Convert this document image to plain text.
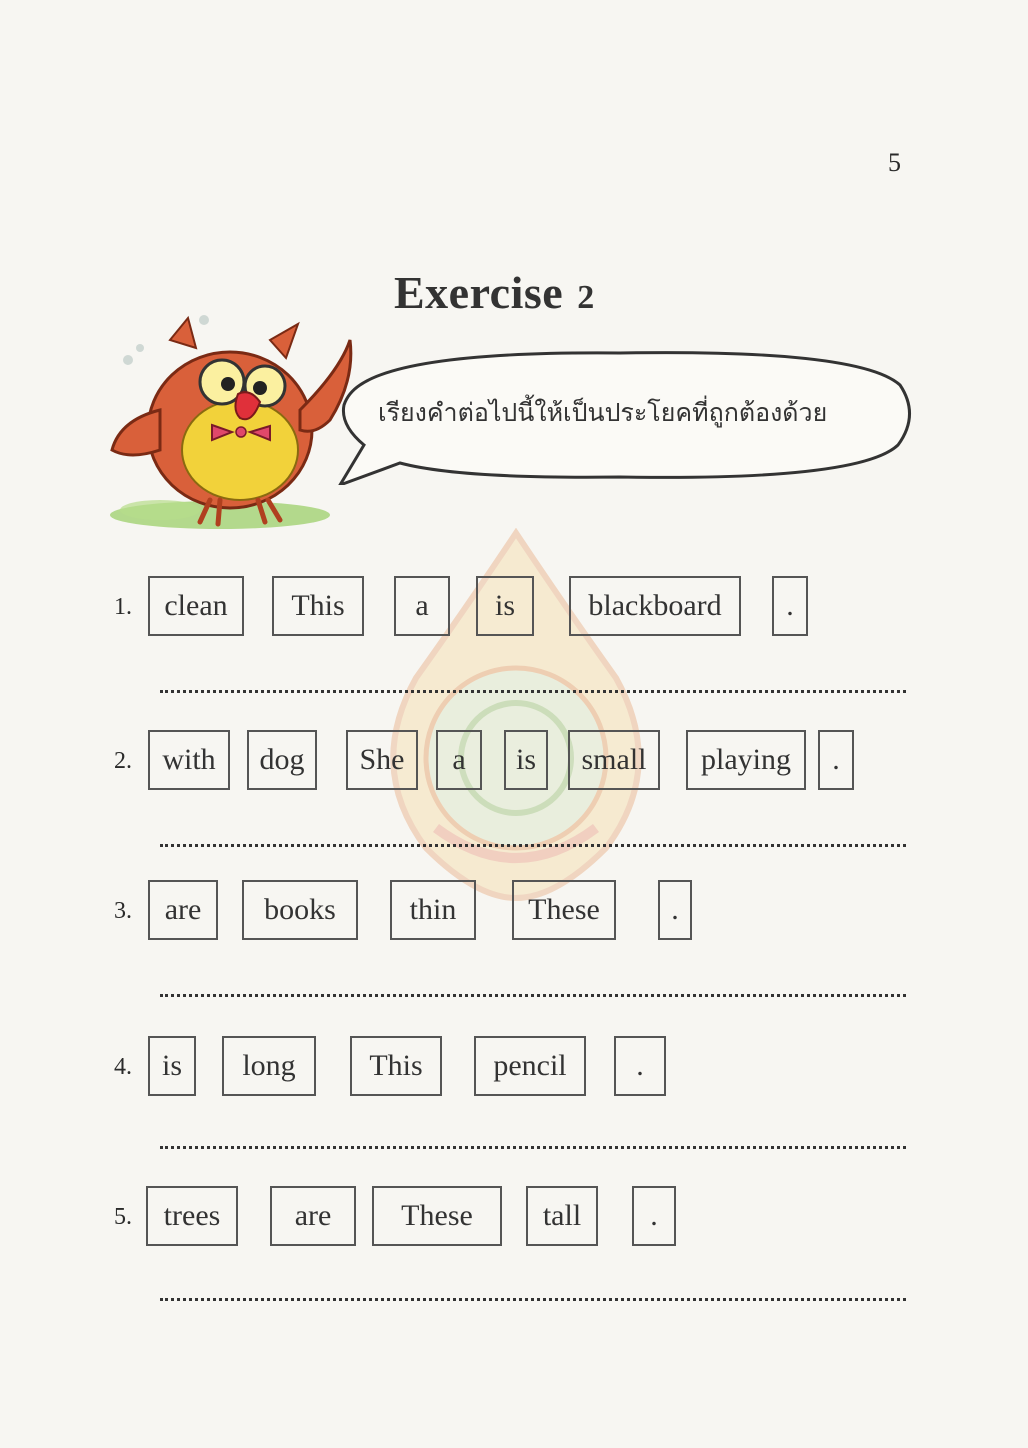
5
Exercise 2
เรียงคำต่อไปนี้ให้เป็นประโยคที่ถูกต้องด้วย
1.	clean	This	a	is	blackboard	.
2.	with	dog	She	a	is	small	playing	.
3.	are	books	thin	These	.
4. is	long	This	pencil	.
5.	trees	are	These	tall	.
